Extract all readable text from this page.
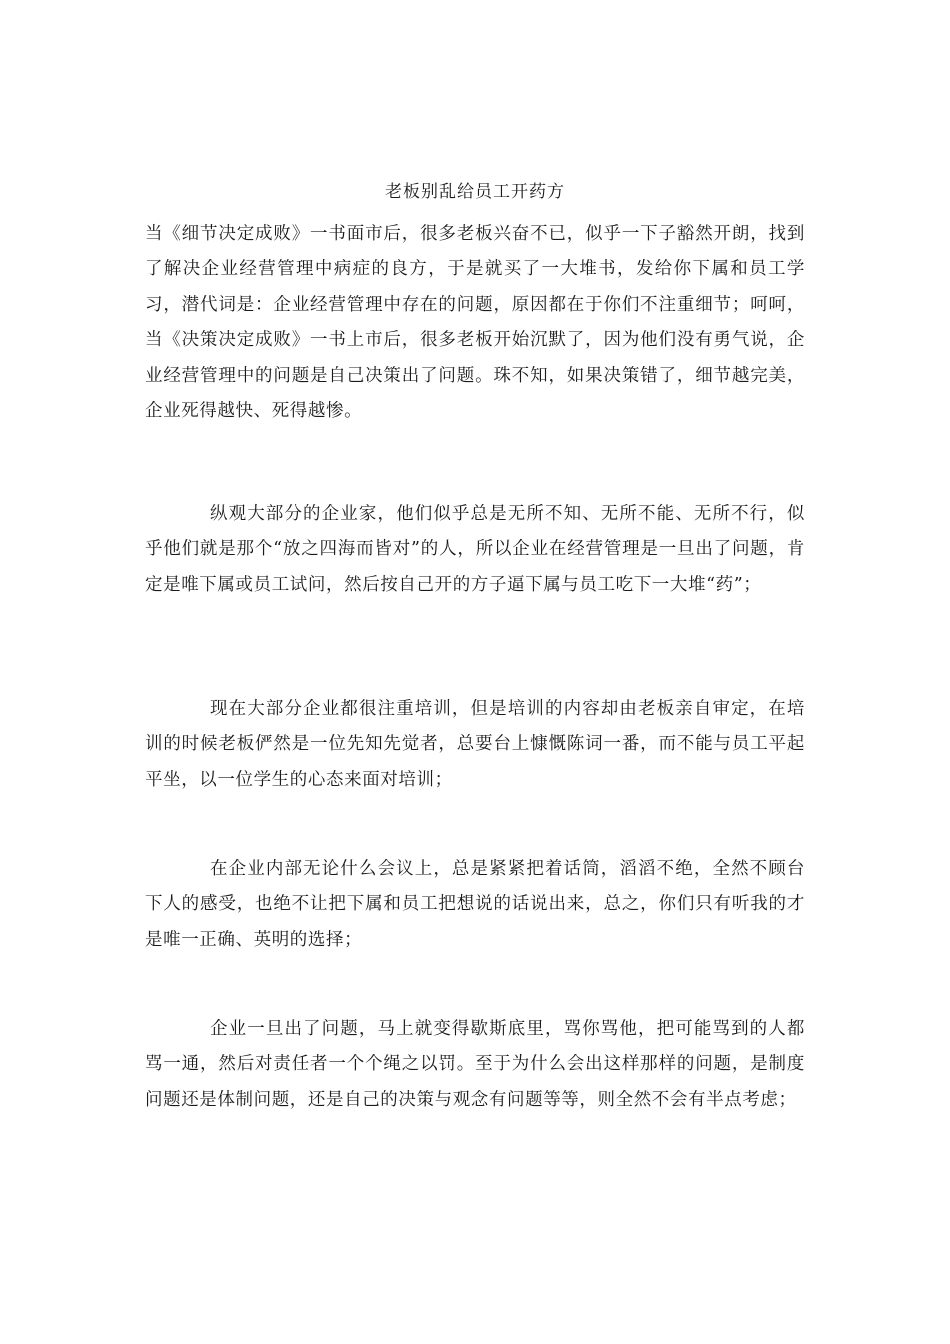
老板别乱给员工开药方

当《细节决定成败》一书面市后，很多老板兴奋不已，似乎一下子豁然开朗，找到了解决企业经营管理中病症的良方，于是就买了一大堆书，发给你下属和员工学习，潜代词是：企业经营管理中存在的问题，原因都在于你们不注重细节；呵呵，当《决策决定成败》一书上市后，很多老板开始沉默了，因为他们没有勇气说，企业经营管理中的问题是自己决策出了问题。珠不知，如果决策错了，细节越完美，企业死得越快、死得越惨。

纵观大部分的企业家，他们似乎总是无所不知、无所不能、无所不行，似乎他们就是那个“放之四海而皆对”的人，所以企业在经营管理是一旦出了问题，肯定是唯下属或员工试问，然后按自己开的方子逼下属与员工吃下一大堆“药”；

现在大部分企业都很注重培训，但是培训的内容却由老板亲自审定，在培训的时候老板俨然是一位先知先觉者，总要台上慷慨陈词一番，而不能与员工平起平坐，以一位学生的心态来面对培训；

在企业内部无论什么会议上，总是紧紧把着话筒，滔滔不绝，全然不顾台下人的感受，也绝不让把下属和员工把想说的话说出来，总之，你们只有听我的才是唯一正确、英明的选择；

企业一旦出了问题，马上就变得歇斯底里，骂你骂他，把可能骂到的人都骂一通，然后对责任者一个个绳之以罚。至于为什么会出这样那样的问题，是制度问题还是体制问题，还是自己的决策与观念有问题等等，则全然不会有半点考虑；
